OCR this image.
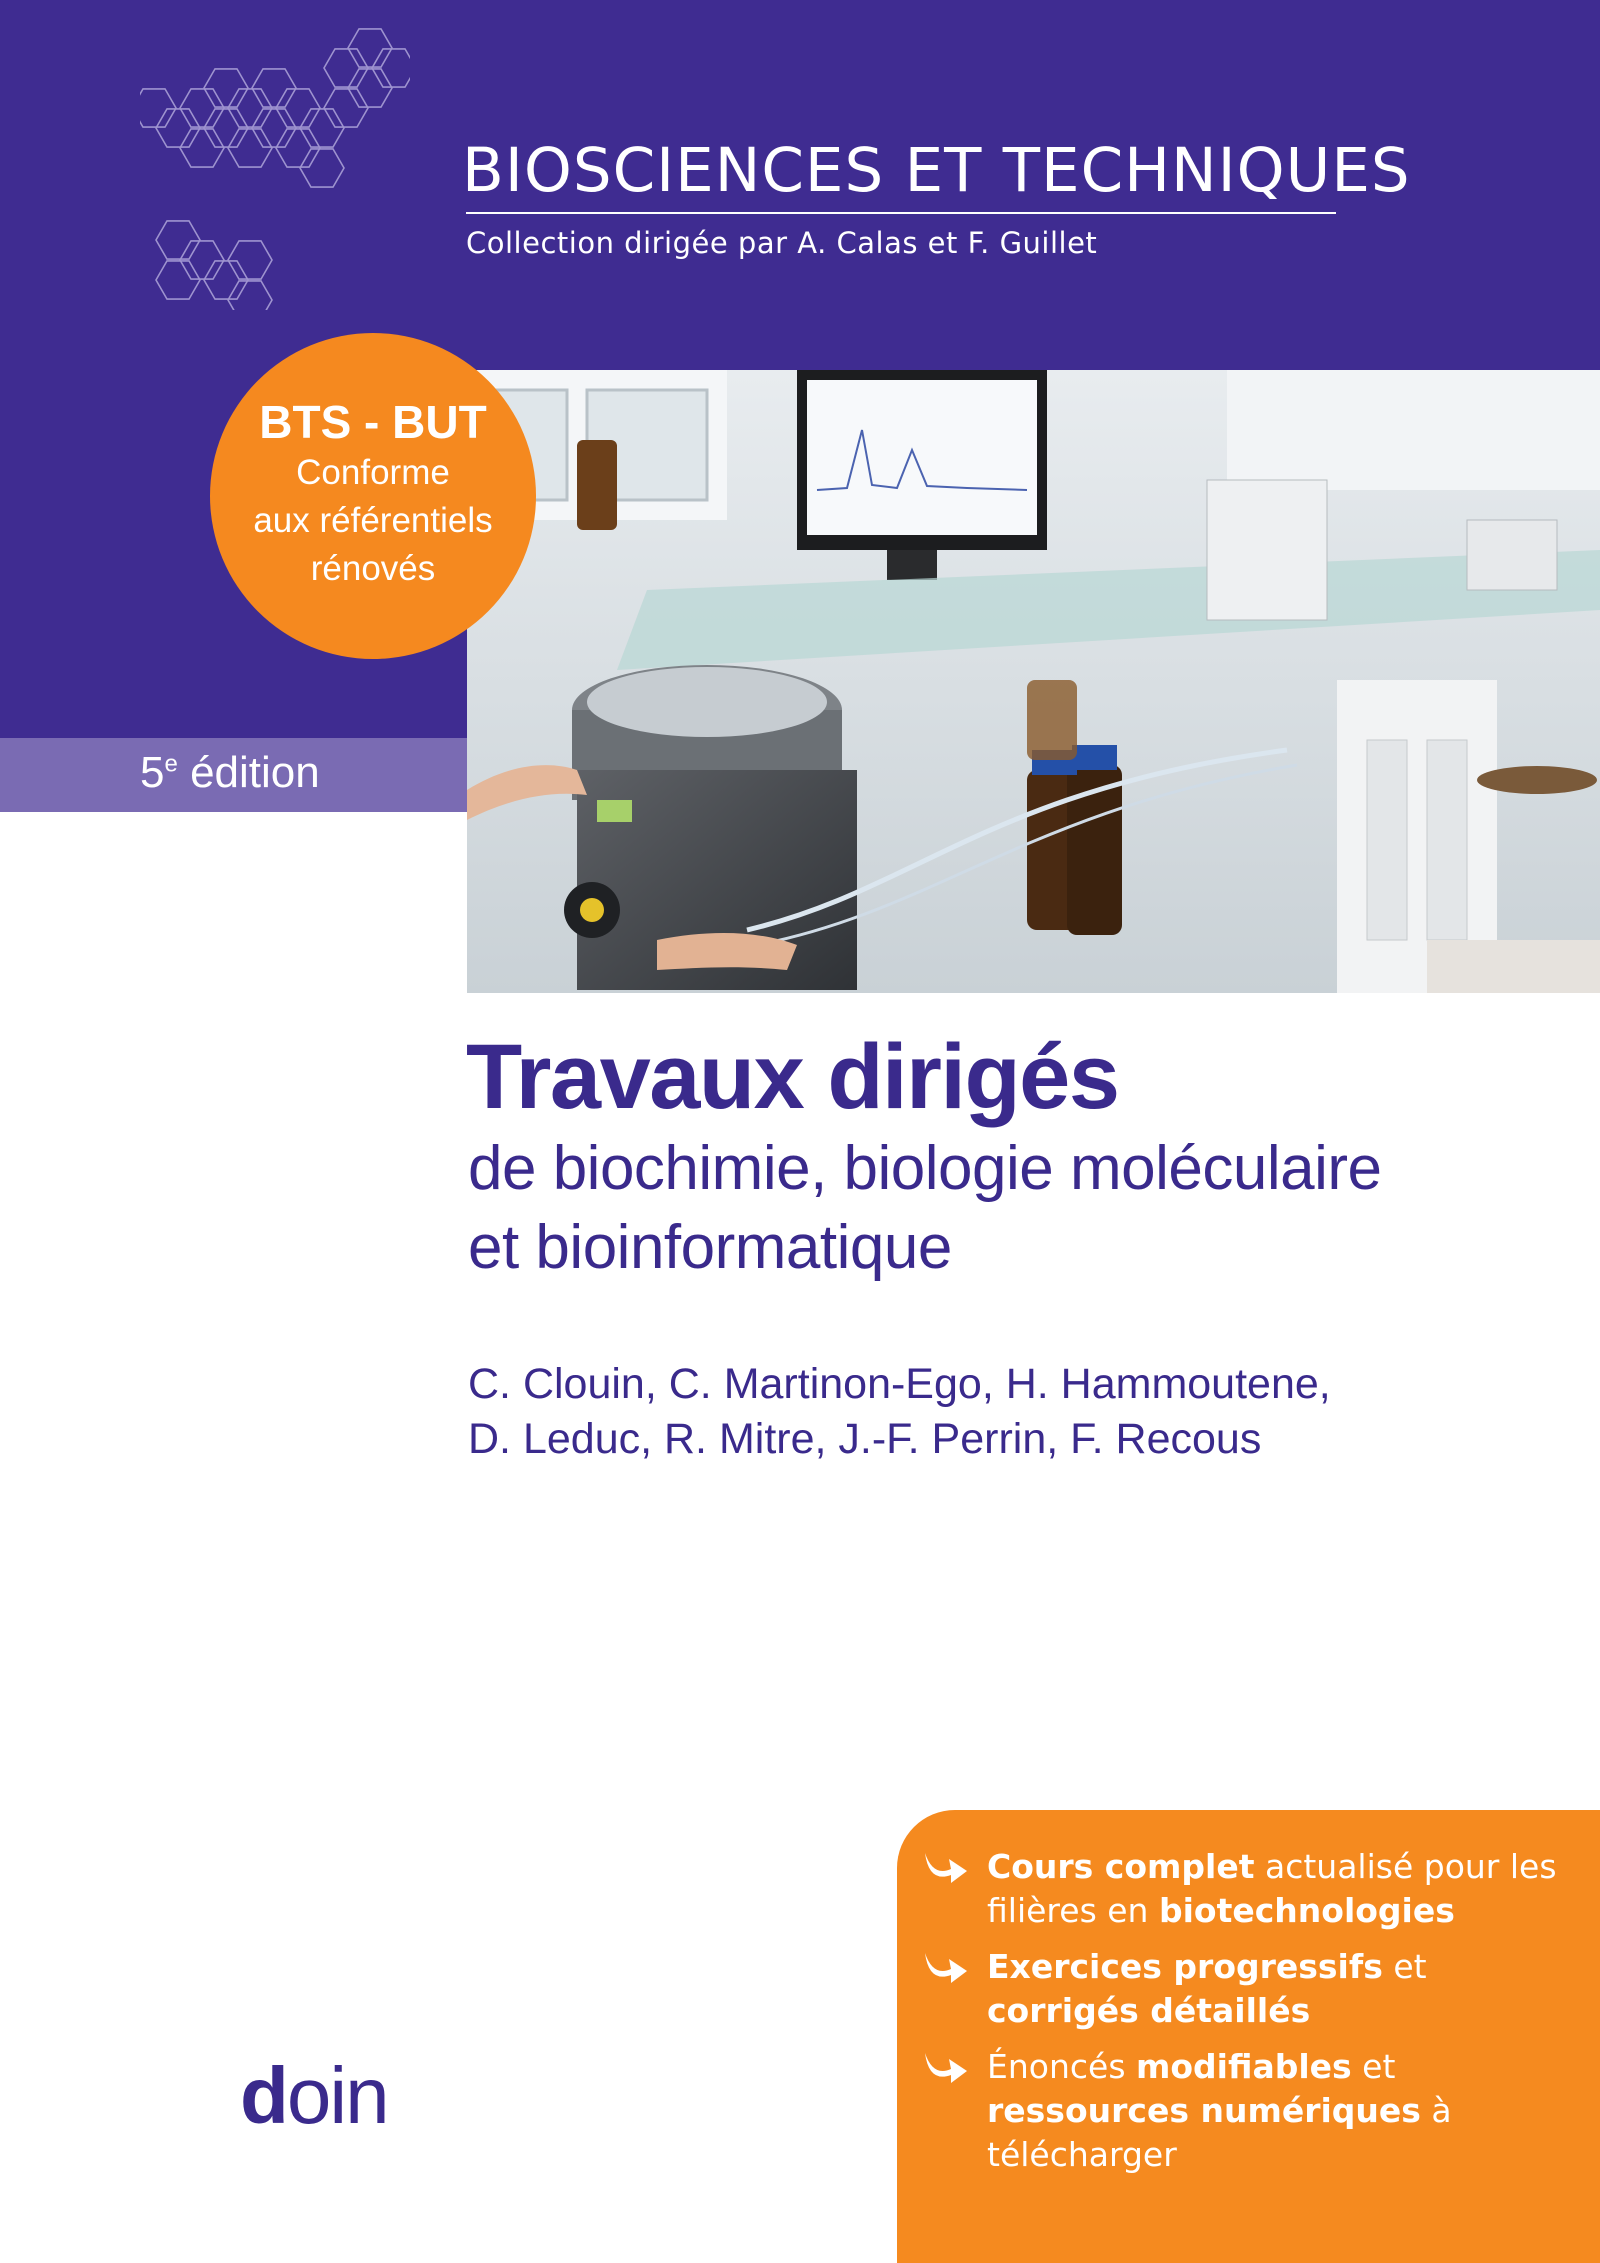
BIOSCIENCES ET TECHNIQUES
Collection dirigée par A. Calas et F. Guillet
BTS - BUT
Conforme
aux référentiels
rénovés
5e édition
Travaux dirigés
de biochimie, biologie moléculaire
et bioinformatique
C. Clouin, C. Martinon-Ego, H. Hammoutene,
D. Leduc, R. Mitre, J.-F. Perrin, F. Recous
doin
Cours complet actualisé pour les filières en biotechnologies
Exercices progressifs et corrigés détaillés
Énoncés modifiables et ressources numériques à télécharger
